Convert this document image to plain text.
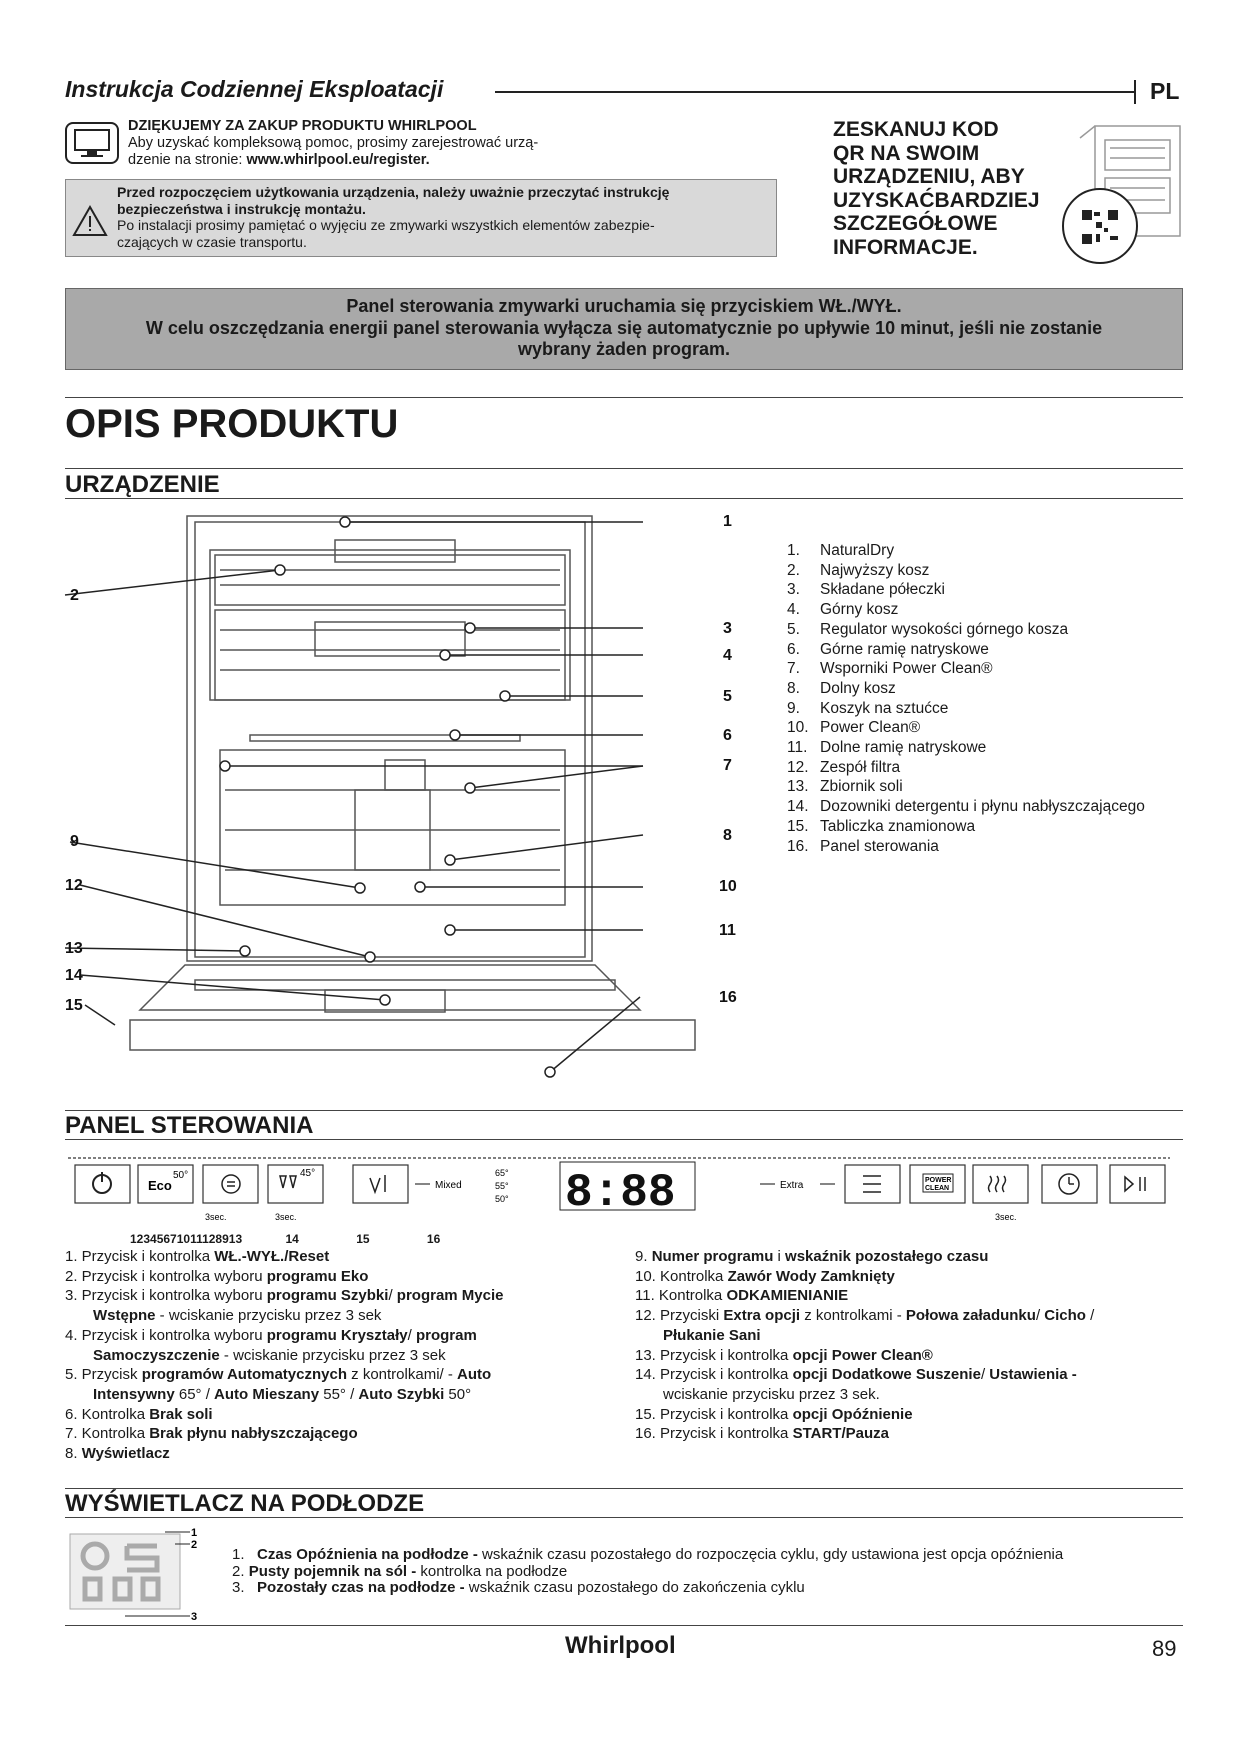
Instrukcja Codziennej Eksploatacji	PL
DZIĘKUJEMY ZA ZAKUP PRODUKTU WHIRLPOOL
Aby uzyskać kompleksową pomoc, prosimy zarejestrować urzą-
dzenie na stronie: www.whirlpool.eu/register.
Przed rozpoczęciem użytkowania urządzenia, należy uważnie przeczytać instrukcję
bezpieczeństwa i instrukcję montażu.
Po instalacji prosimy pamiętać o wyjęciu ze zmywarki wszystkich elementów zabezpie-
czających w czasie transportu.
ZESKANUJ KOD
QR NA SWOIM
URZĄDZENIU, ABY
UZYSKAĆBARDZIEJ
SZCZEGÓŁOWE
INFORMACJE.
Panel sterowania zmywarki uruchamia się przyciskiem WŁ./WYŁ.
W celu oszczędzania energii panel sterowania wyłącza się automatycznie po upływie 10 minut, jeśli nie zostanie
wybrany żaden program.
OPIS PRODUKTU
URZĄDZENIE
1
2
3
4
5
6
7
8
9
10
11
12
13
14
15	16
1.	NaturalDry
2.	Najwyższy kosz
3.	Składane półeczki
4.	Górny kosz
5.	Regulator wysokości górnego kosza
6.	Górne ramię natryskowe
7.	Wsporniki Power Clean®
8.	Dolny kosz
9.	Koszyk na sztućce
10. Power Clean®
11. Dolne ramię natryskowe
12. Zespół filtra
13. Zbiornik soli
14. Dozowniki detergentu i płynu nabłyszczającego
15. Tabliczka znamionowa
16. Panel sterowania
PANEL STEROWANIA
Eco
50°	45°
Mixed
65°
55°
50° 8:88	Extra	POWER
CLEAN
3sec.	3sec.	3sec.
12345671011128913	14	15	16
1. Przycisk i kontrolka WŁ.-WYŁ./Reset
2. Przycisk i kontrolka wyboru programu Eko
3. Przycisk i kontrolka wyboru programu Szybki/ program Mycie
Wstępne - wciskanie przycisku przez 3 sek
4. Przycisk i kontrolka wyboru programu Kryształy/ program
Samoczyszczenie - wciskanie przycisku przez 3 sek
5. Przycisk programów Automatycznych z kontrolkami/ - Auto
Intensywny 65° / Auto Mieszany 55° / Auto Szybki 50°
6. Kontrolka Brak soli
7. Kontrolka Brak płynu nabłyszczającego
8. Wyświetlacz
9. Numer programu i wskaźnik pozostałego czasu
10. Kontrolka Zawór Wody Zamknięty
11. Kontrolka ODKAMIENIANIE
12. Przyciski Extra opcji z kontrolkami - Połowa załadunku/ Cicho /
Płukanie Sani
13. Przycisk i kontrolka opcji Power Clean®
14. Przycisk i kontrolka opcji Dodatkowe Suszenie/ Ustawienia -
wciskanie przycisku przez 3 sek.
15. Przycisk i kontrolka opcji Opóźnienie
16. Przycisk i kontrolka START/Pauza
WYŚWIETLACZ NA PODŁODZE
1
2
3
1. Czas Opóźnienia na podłodze - wskaźnik czasu pozostałego do rozpoczęcia cyklu, gdy ustawiona jest opcja opóźnienia
2. Pusty pojemnik na sól - kontrolka na podłodze
3. Pozostały czas na podłodze - wskaźnik czasu pozostałego do zakończenia cyklu
Whirlpool	89
